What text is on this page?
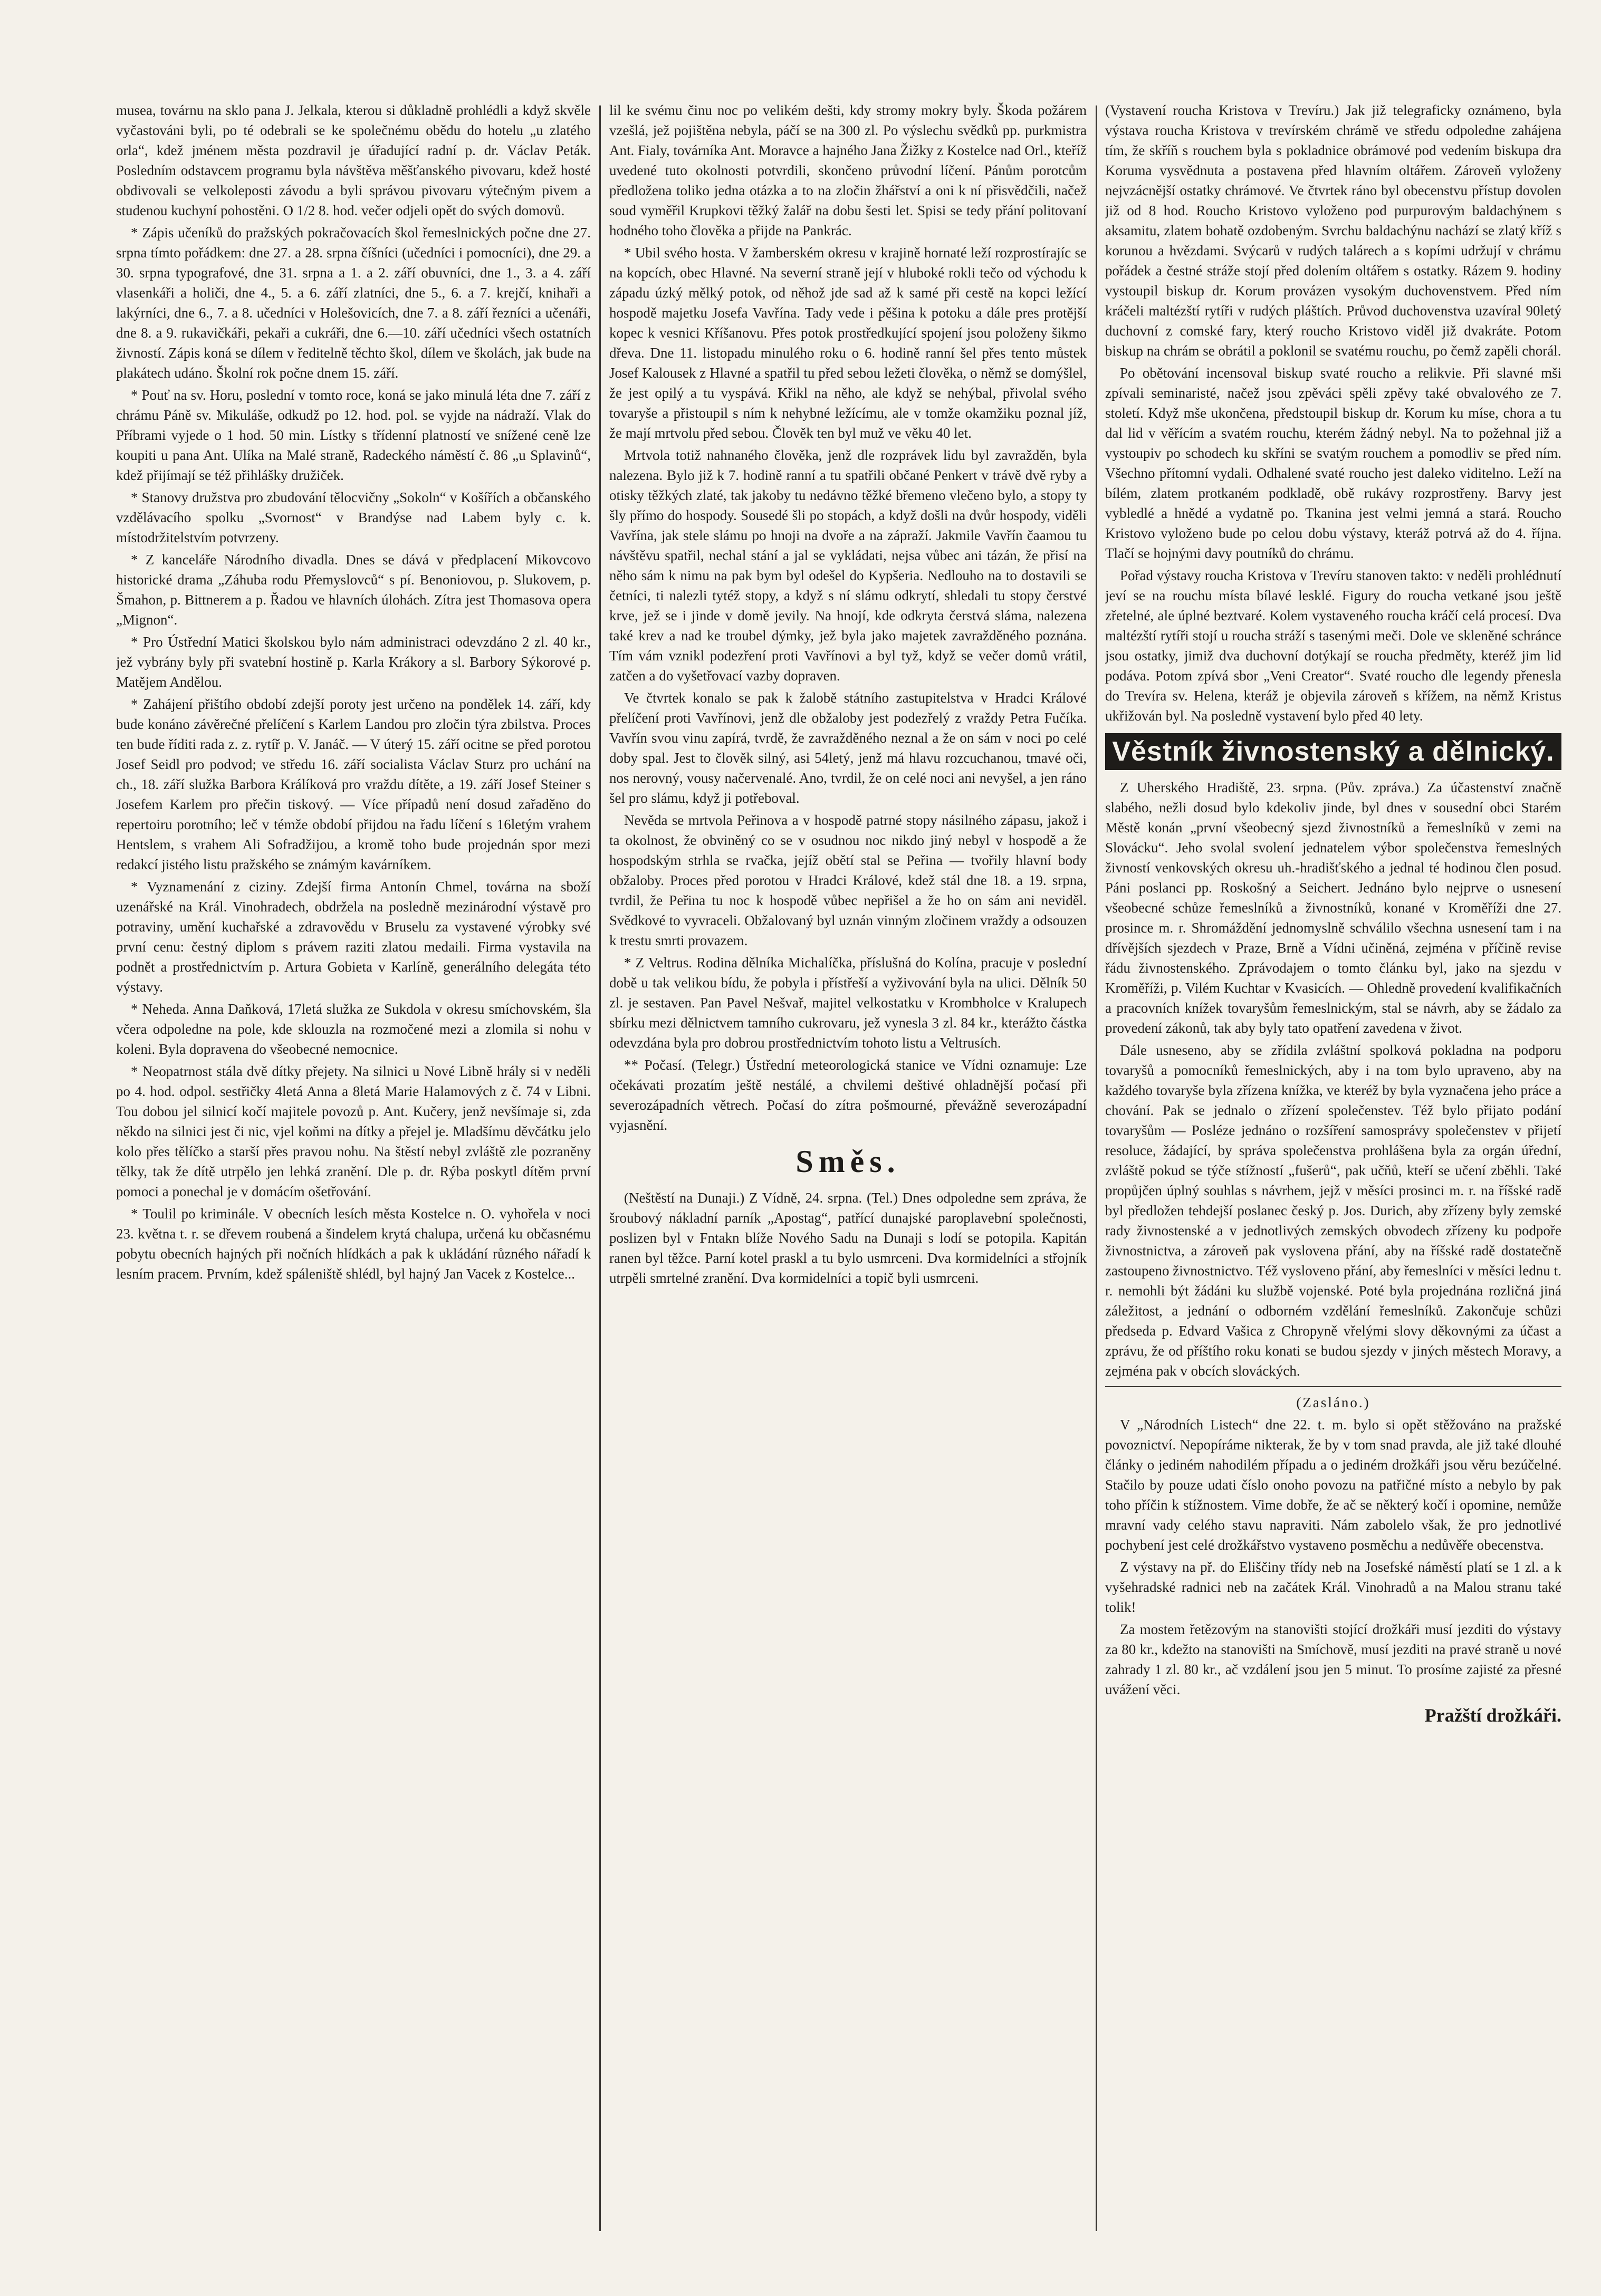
musea, továrnu na sklo pana J. Jelkala, kterou si důkladně prohlédli a když skvěle vyčastováni byli, po té odebrali se ke společnému obědu do hotelu „u zlatého orla“, kdež jménem města pozdravil je úřadující radní p. dr. Václav Peták. Posledním odstavcem programu byla návštěva měšťanského pivovaru, kdež hosté obdivovali se velkoleposti závodu a byli správou pivovaru výtečným pivem a studenou kuchyní pohostěni. O 1/2 8. hod. večer odjeli opět do svých domovů.

* Zápis učeníků do pražských pokračovacích škol řemeslnických počne dne 27. srpna tímto pořádkem: dne 27. a 28. srpna číšníci (učedníci i pomocníci), dne 29. a 30. srpna typografové, dne 31. srpna a 1. a 2. září obuvníci, dne 1., 3. a 4. září vlasenkáři a holiči, dne 4., 5. a 6. září zlatníci, dne 5., 6. a 7. krejčí, knihaři a lakýrníci, dne 6., 7. a 8. učedníci v Holešovicích, dne 7. a 8. září řezníci a učenáři, dne 8. a 9. rukavičkáři, pekaři a cukráři, dne 6.—10. září učedníci všech ostatních živností. Zápis koná se dílem v ředitelně těchto škol, dílem ve školách, jak bude na plakátech udáno. Školní rok počne dnem 15. září.

* Pouť na sv. Horu, poslední v tomto roce, koná se jako minulá léta dne 7. září z chrámu Páně sv. Mikuláše, odkudž po 12. hod. pol. se vyjde na nádraží. Vlak do Příbrami vyjede o 1 hod. 50 min. Lístky s třídenní platností ve snížené ceně lze koupiti u pana Ant. Ulíka na Malé straně, Radeckého náměstí č. 86 „u Splavinů“, kdež přijímají se též přihlášky družiček.

* Stanovy družstva pro zbudování tělocvičny „Sokoln“ v Košířích a občanského vzdělávacího spolku „Svornost“ v Brandýse nad Labem byly c. k. místodržitelstvím potvrzeny.

* Z kanceláře Národního divadla. Dnes se dává v předplacení Mikovcovo historické drama „Záhuba rodu Přemyslovců“ s pí. Benoniovou, p. Slukovem, p. Šmahon, p. Bittnerem a p. Řadou ve hlavních úlohách. Zítra jest Thomasova opera „Mignon“.

* Pro Ústřední Matici školskou bylo nám administraci odevzdáno 2 zl. 40 kr., jež vybrány byly při svatební hostině p. Karla Krákory a sl. Barbory Sýkorové p. Matějem Andělou.

* Zahájení přištího období zdejší poroty jest určeno na pondělek 14. září, kdy bude konáno závěrečné přelíčení s Karlem Landou pro zločin týra zbilstva. Proces ten bude říditi rada z. z. rytíř p. V. Janáč. — V úterý 15. září ocitne se před porotou Josef Seidl pro podvod; ve středu 16. září socialista Václav Sturz pro uchání na ch., 18. září služka Barbora Králíková pro vraždu dítěte, a 19. září Josef Steiner s Josefem Karlem pro přečin tiskový. — Více případů není dosud zařaděno do repertoiru porotního; leč v témže období přijdou na řadu líčení s 16letým vrahem Hentslem, s vrahem Ali Sofradžijou, a kromě toho bude projednán spor mezi redakcí jistého listu pražského se známým kavárníkem.

* Vyznamenání z ciziny. Zdejší firma Antonín Chmel, továrna na sboží uzenářské na Král. Vinohradech, obdržela na posledně mezinárodní výstavě pro potraviny, umění kuchařské a zdravovědu v Bruselu za vystavené výrobky své první cenu: čestný diplom s právem raziti zlatou medaili. Firma vystavila na podnět a prostřednictvím p. Artura Gobieta v Karlíně, generálního delegáta této výstavy.

* Neheda. Anna Daňková, 17letá služka ze Sukdola v okresu smíchovském, šla včera odpoledne na pole, kde sklouzla na rozmočené mezi a zlomila si nohu v koleni. Byla dopravena do všeobecné nemocnice.

* Neopatrnost stála dvě dítky přejety. Na silnici u Nové Libně hrály si v neděli po 4. hod. odpol. sestřičky 4letá Anna a 8letá Marie Halamových z č. 74 v Libni. Tou dobou jel silnicí kočí majitele povozů p. Ant. Kučery, jenž nevšímaje si, zda někdo na silnici jest či nic, vjel koňmi na dítky a přejel je. Mladšímu děvčátku jelo kolo přes tělíčko a starší přes pravou nohu. Na štěstí nebyl zvláště zle pozraněny tělky, tak že dítě utrpělo jen lehká zranění. Dle p. dr. Rýba poskytl dítěm první pomoci a ponechal je v domácím ošetřování.

* Toulil po kriminále. V obecních lesích města Kostelce n. O. vyhořela v noci 23. května t. r. se dřevem roubená a šindelem krytá chalupa, určená ku občasnému pobytu obecních hajných při nočních hlídkách a pak k ukládání různého nářadí k lesním pracem. Prvním, kdež spáleniště shlédl, byl hajný Jan Vacek z Kostelce...

lil ke svému činu noc po velikém dešti, kdy stromy mokry byly. Škoda požárem vzešlá, jež pojištěna nebyla, páčí se na 300 zl. Po výslechu svědků pp. purkmistra Ant. Fialy, továrníka Ant. Moravce a hajného Jana Žižky z Kostelce nad Orl., kteříž uvedené tuto okolnosti potvrdili, skončeno průvodní líčení. Pánům porotcům předložena toliko jedna otázka a to na zločin žhářství a oni k ní přisvědčili, načež soud vyměřil Krupkovi těžký žalář na dobu šesti let. Spisi se tedy přání politovaní hodného toho člověka a přijde na Pankrác.

* Ubil svého hosta. V žamberském okresu v krajině hornaté leží rozprostírajíc se na kopcích, obec Hlavné. Na severní straně její v hluboké rokli tečo od východu k západu úzký mělký potok, od něhož jde sad až k samé při cestě na kopci ležící hospodě majetku Josefa Vavřína. Tady vede i pěšina k potoku a dále pres protější kopec k vesnici Kříšanovu. Přes potok prostředkující spojení jsou položeny šikmo dřeva. Dne 11. listopadu minulého roku o 6. hodině ranní šel přes tento můstek Josef Kalousek z Hlavné a spatřil tu před sebou ležeti člověka, o němž se domýšlel, že jest opilý a tu vyspává. Křikl na něho, ale když se nehýbal, přivolal svého tovaryše a přistoupil s ním k nehybné ležícímu, ale v tomže okamžiku poznal jíž, že mají mrtvolu před sebou. Člověk ten byl muž ve věku 40 let.

Mrtvola totiž nahnaného člověka, jenž dle rozprávek lidu byl zavražděn, byla nalezena. Bylo již k 7. hodině ranní a tu spatřili občané Penkert v trávě dvě ryby a otisky těžkých zlaté, tak jakoby tu nedávno těžké břemeno vlečeno bylo, a stopy ty šly přímo do hospody. Sousedé šli po stopách, a když došli na dvůr hospody, viděli Vavřína, jak stele slámu po hnoji na dvoře a na zápraží. Jakmile Vavřín čaamou tu návštěvu spatřil, nechal stání a jal se vykládati, nejsa vůbec ani tázán, že přisí na něho sám k nimu na pak bym byl odešel do Kypšeria. Nedlouho na to dostavili se četníci, ti nalezli tytéž stopy, a když s ní slámu odkrytí, shledali tu stopy čerstvé krve, jež se i jinde v domě jevily. Na hnojí, kde odkryta čerstvá sláma, nalezena také krev a nad ke troubel dýmky, jež byla jako majetek zavražděného poznána. Tím vám vznikl podezření proti Vavřínovi a byl tyž, když se večer domů vrátil, zatčen a do vyšetřovací vazby dopraven.

Ve čtvrtek konalo se pak k žalobě státního zastupitelstva v Hradci Králové přelíčení proti Vavřínovi, jenž dle obžaloby jest podezřelý z vraždy Petra Fučíka. Vavřín svou vinu zapírá, tvrdě, že zavražděného neznal a že on sám v noci po celé doby spal. Jest to člověk silný, asi 54letý, jenž má hlavu rozcuchanou, tmavé oči, nos nerovný, vousy načervenalé. Ano, tvrdil, že on celé noci ani nevyšel, a jen ráno šel pro slámu, když ji potřeboval.

Nevěda se mrtvola Peřinova a v hospodě patrné stopy násilného zápasu, jakož i ta okolnost, že obviněný co se v osudnou noc nikdo jiný nebyl v hospodě a že hospodským strhla se rvačka, jejíž obětí stal se Peřina — tvořily hlavní body obžaloby. Proces před porotou v Hradci Králové, kdež stál dne 18. a 19. srpna, tvrdil, že Peřina tu noc k hospodě vůbec nepřišel a že ho on sám ani neviděl. Svědkové to vyvraceli. Obžalovaný byl uznán vinným zločinem vraždy a odsouzen k trestu smrti provazem.

* Z Veltrus. Rodina dělníka Michalíčka, příslušná do Kolína, pracuje v poslední době u tak velikou bídu, že pobyla i přístřeší a vyživování byla na ulici. Dělník 50 zl. je sestaven. Pan Pavel Nešvař, majitel velkostatku v Krombholce v Kralupech sbírku mezi dělnictvem tamního cukrovaru, jež vynesla 3 zl. 84 kr., kterážto částka odevzdána byla pro dobrou prostřednictvím tohoto listu a Veltrusích.

** Počasí. (Telegr.) Ústřední meteorologická stanice ve Vídni oznamuje: Lze očekávati prozatím ještě nestálé, a chvilemi deštivé ohladnější počasí při severozápadních větrech. Počasí do zítra pošmourné, převážně severozápadní vyjasnění.

Směs.

(Neštěstí na Dunaji.) Z Vídně, 24. srpna. (Tel.) Dnes odpoledne sem zpráva, že šroubový nákladní parník „Apostag“, patřící dunajské paroplavební společnosti, poslizen byl v Fntakn blíže Nového Sadu na Dunaji s lodí se potopila. Kapitán ranen byl těžce. Parní kotel praskl a tu bylo usmrceni. Dva kormidelníci a střojník utrpěli smrtelné zranění. Dva kormidelníci a topič byli usmrceni.

(Vystavení roucha Kristova v Trevíru.) Jak již telegraficky oznámeno, byla výstava roucha Kristova v trevírském chrámě ve středu odpoledne zahájena tím, že skříň s rouchem byla s pokladnice obrámové pod vedením biskupa dra Koruma vysvědnuta a postavena před hlavním oltářem. Zároveň vyloženy nejvzácnější ostatky chrámové. Ve čtvrtek ráno byl obecenstvu přístup dovolen již od 8 hod. Roucho Kristovo vyloženo pod purpurovým baldachýnem s aksamitu, zlatem bohatě ozdobeným. Svrchu baldachýnu nachází se zlatý kříž s korunou a hvězdami. Svýcarů v rudých talárech a s kopími udržují v chrámu pořádek a čestné stráže stojí před dolením oltářem s ostatky. Rázem 9. hodiny vystoupil biskup dr. Korum provázen vysokým duchovenstvem. Před ním kráčeli maltézští rytíři v rudých pláštích. Průvod duchovenstva uzavíral 90letý duchovní z comské fary, který roucho Kristovo viděl již dvakráte. Potom biskup na chrám se obrátil a poklonil se svatému rouchu, po čemž zapěli chorál.

Po obětování incensoval biskup svaté roucho a relikvie. Při slavné mši zpívali seminaristé, načež jsou zpěváci spěli zpěvy také obvalového ze 7. století. Když mše ukončena, předstoupil biskup dr. Korum ku míse, chora a tu dal lid v věřícím a svatém rouchu, kterém žádný nebyl. Na to požehnal již a vystoupiv po schodech ku skříni se svatým rouchem a pomodliv se před ním. Všechno přítomní vydali. Odhalené svaté roucho jest daleko viditelno. Leží na bílém, zlatem protkaném podkladě, obě rukávy rozprostřeny. Barvy jest vybledlé a hnědé a vydatně po. Tkanina jest velmi jemná a stará. Roucho Kristovo vyloženo bude po celou dobu výstavy, kteráž potrvá až do 4. října. Tlačí se hojnými davy poutníků do chrámu.

Pořad výstavy roucha Kristova v Trevíru stanoven takto: v neděli prohlédnutí jeví se na rouchu místa bílavé lesklé. Figury do roucha vetkané jsou ještě zřetelné, ale úplné beztvaré. Kolem vystaveného roucha kráčí celá procesí. Dva maltézští rytíři stojí u roucha stráží s tasenými meči. Dole ve skleněné schránce jsou ostatky, jimiž dva duchovní dotýkají se roucha předměty, kteréž jim lid podáva. Potom zpívá sbor „Veni Creator“. Svaté roucho dle legendy přenesla do Trevíra sv. Helena, kteráž je objevila zároveň s křížem, na němž Kristus ukřižován byl. Na posledně vystavení bylo před 40 lety.

Věstník živnostenský a dělnický.

Z Uherského Hradiště, 23. srpna. (Pův. zpráva.) Za účastenství značně slabého, nežli dosud bylo kdekoliv jinde, byl dnes v sousední obci Starém Městě konán „první všeobecný sjezd živnostníků a řemeslníků v zemi na Slovácku“. Jeho svolal svolení jednatelem výbor společenstva řemeslných živností venkovských okresu uh.-hradišťského a jednal té hodinou člen posud. Páni poslanci pp. Roskošný a Seichert. Jednáno bylo nejprve o usnesení všeobecné schůze řemeslníků a živnostníků, konané v Kroměříži dne 27. prosince m. r. Shromáždění jednomyslně schválilo všechna usnesení tam i na dřívějších sjezdech v Praze, Brně a Vídni učiněná, zejména v příčině revise řádu živnostenského. Zprávodajem o tomto článku byl, jako na sjezdu v Kroměříži, p. Vilém Kuchtar v Kvasicích. — Ohledně provedení kvalifikačních a pracovních knížek tovaryšům řemeslnickým, stal se návrh, aby se žádalo za provedení zákonů, tak aby byly tato opatření zavedena v život.

Dále usneseno, aby se zřídila zvláštní spolková pokladna na podporu tovaryšů a pomocníků řemeslnických, aby i na tom bylo upraveno, aby na každého tovaryše byla zřízena knížka, ve kteréž by byla vyznačena jeho práce a chování. Pak se jednalo o zřízení společenstev. Též bylo přijato podání tovaryšům — Posléze jednáno o rozšíření samosprávy společenstev v přijetí resoluce, žádající, by správa společenstva prohlášena byla za orgán úřední, zvláště pokud se týče stížností „fušerů“, pak učňů, kteří se učení zběhli. Také propůjčen úplný souhlas s návrhem, jejž v měsíci prosinci m. r. na říšské radě byl předložen tehdejší poslanec český p. Jos. Durich, aby zřízeny byly zemské rady živnostenské a v jednotlivých zemských obvodech zřízeny ku podpoře živnostnictva, a zároveň pak vyslovena přání, aby na říšské radě dostatečně zastoupeno živnostnictvo. Též vysloveno přání, aby řemeslníci v měsíci lednu t. r. nemohli být žádáni ku službě vojenské. Poté byla projednána rozličná jiná záležitost, a jednání o odborném vzdělání řemeslníků. Zakončuje schůzi předseda p. Edvard Vašica z Chropyně vřelými slovy děkovnými za účast a zprávu, že od příštího roku konati se budou sjezdy v jiných městech Moravy, a zejména pak v obcích slováckých.

(Zasláno.)

V „Národních Listech“ dne 22. t. m. bylo si opět stěžováno na pražské povoznictví. Nepopíráme nikterak, že by v tom snad pravda, ale již také dlouhé články o jediném nahodilém případu a o jediném drožkáři jsou věru bezúčelné. Stačilo by pouze udati číslo onoho povozu na patřičné místo a nebylo by pak toho příčin k stížnostem. Vime dobře, že ač se některý kočí i opomine, nemůže mravní vady celého stavu napraviti. Nám zabolelo však, že pro jednotlivé pochybení jest celé drožkářstvo vystaveno posměchu a nedůvěře obecenstva.

Z výstavy na př. do Eliščiny třídy neb na Josefské náměstí platí se 1 zl. a k vyšehradské radnici neb na začátek Král. Vinohradů a na Malou stranu také tolik!

Za mostem řetězovým na stanovišti stojící drožkáři musí jezditi do výstavy za 80 kr., kdežto na stanovišti na Smíchově, musí jezditi na pravé straně u nové zahrady 1 zl. 80 kr., ač vzdálení jsou jen 5 minut. To prosíme zajisté za přesné uvážení věci.

Pražští drožkáři.
